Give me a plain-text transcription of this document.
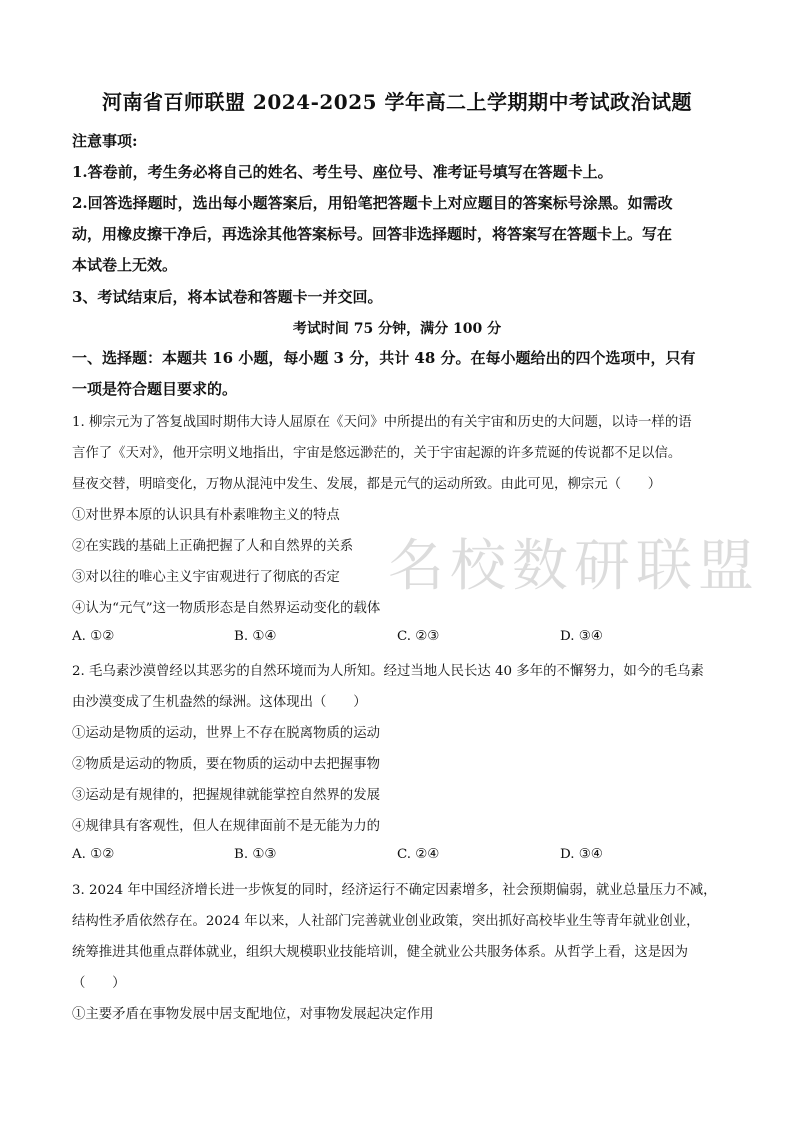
名校数研联盟
河南省百师联盟 2024-2025 学年高二上学期期中考试政治试题
注意事项:
1.答卷前，考生务必将自己的姓名、考生号、座位号、准考证号填写在答题卡上。
2.回答选择题时，选出每小题答案后，用铅笔把答题卡上对应题目的答案标号涂黑。如需改
动，用橡皮擦干净后，再选涂其他答案标号。回答非选择题时，将答案写在答题卡上。写在
本试卷上无效。
3、考试结束后，将本试卷和答题卡一并交回。
考试时间 75 分钟，满分 100 分
一、选择题：本题共 16 小题，每小题 3 分，共计 48 分。在每小题给出的四个选项中，只有
一项是符合题目要求的。
1. 柳宗元为了答复战国时期伟大诗人屈原在《天问》中所提出的有关宇宙和历史的大问题，以诗一样的语
言作了《天对》，他开宗明义地指出，宇宙是悠远渺茫的，关于宇宙起源的许多荒诞的传说都不足以信。
昼夜交替，明暗变化，万物从混沌中发生、发展，都是元气的运动所致。由此可见，柳宗元（　　）
①对世界本原的认识具有朴素唯物主义的特点
②在实践的基础上正确把握了人和自然界的关系
③对以往的唯心主义宇宙观进行了彻底的否定
④认为“元气”这一物质形态是自然界运动变化的载体
A. ①②	B. ①④	C. ②③	D. ③④
2. 毛乌素沙漠曾经以其恶劣的自然环境而为人所知。经过当地人民长达 40 多年的不懈努力，如今的毛乌素
由沙漠变成了生机盎然的绿洲。这体现出（　　）
①运动是物质的运动，世界上不存在脱离物质的运动
②物质是运动的物质，要在物质的运动中去把握事物
③运动是有规律的，把握规律就能掌控自然界的发展
④规律具有客观性，但人在规律面前不是无能为力的
A. ①②	B. ①③	C. ②④	D. ③④
3. 2024 年中国经济增长进一步恢复的同时，经济运行不确定因素增多，社会预期偏弱，就业总量压力不减，
结构性矛盾依然存在。2024 年以来，人社部门完善就业创业政策，突出抓好高校毕业生等青年就业创业，
统筹推进其他重点群体就业，组织大规模职业技能培训，健全就业公共服务体系。从哲学上看，这是因为
（　　）
①主要矛盾在事物发展中居支配地位，对事物发展起决定作用
